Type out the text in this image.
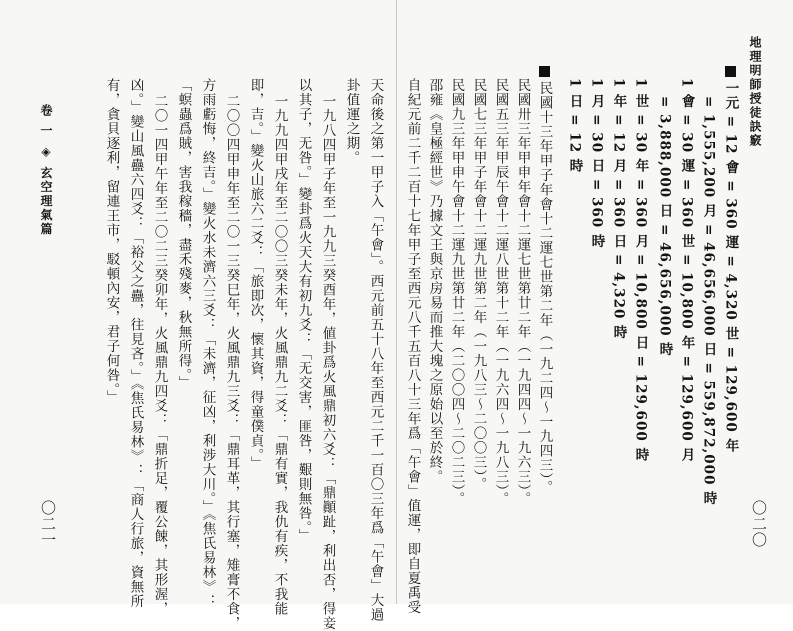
地理明師授徒訣竅
〇二〇
一元 = 12 會 = 360 運 = 4,320 世 = 129,600 年
= 1,555,200 月 = 46,656,000 日 = 559,872,000 時
1 會 = 30 運 = 360 世 = 10,800 年 = 129,600 月
= 3,888,000 日 = 46,656,000 時
1 世 = 30 年 = 360 月 = 10,800 日 = 129,600 時
1 年 = 12 月 = 360 日 = 4,320 時
1 月 = 30 日 = 360 時
1 日 = 12 時
民國十三年甲子年會十二運七世第二年（一九二四～一九四三）。
民國卅三年甲申年會十二運七世第廿二年（一九四四～一九六三）。
民國五三年甲辰午會十二運八世第十二年（一九六四～一九八三）。
民國七三年甲子年會十二運九世第二年（一九八三～二〇〇三）。
民國九三年甲申午會十二運九世第廿二年（二〇〇四～二〇二三）。
邵雍《皇極經世》乃據文王與京房易而推大塊之原始以至於終。
自紀元前二千二百十七年甲子至西元八千五百八十三年爲「午會」值運，即自夏禹受
天命後之第一甲子入「午會」。西元前五十八年至西元二千一百〇三年爲「午會」大過
卦值運之期。
一九八四甲子年至一九九三癸酉年，値卦爲火風鼎初六爻：「鼎顚趾，利出否，得妾
以其子，无咎。」變卦爲火天大有初九爻：「无交害，匪咎，艱則無咎。」
一九九四甲戌年至二〇〇三癸未年，火風鼎九二爻：「鼎有實，我仇有疾，不我能
即，吉。」變火山旅六二爻：「旅即次，懷其資，得童僕貞。」
二〇〇四甲申年至二〇一三癸巳年，火風鼎九三爻：「鼎耳革，其行塞，雉膏不食，
方雨虧悔，終吉。」變火水未濟六三爻：「未濟，征凶，利涉大川。」《焦氏易林》：
「螟蟲爲賊，害我稼穡，盡禾殘麥，秋無所得。」
二〇一四甲午年至二〇二三癸卯年，火風鼎九四爻：「鼎折足，覆公餗，其形渥，
凶。」變山風蠱六四爻：「裕父之蠱，往見吝。」《焦氏易林》：「商人行旅，資無所
有，貪貝逐利，留連王市，駁頓內安，君子何咎。」
卷 一 ◈ 玄空理氣篇
〇二一
